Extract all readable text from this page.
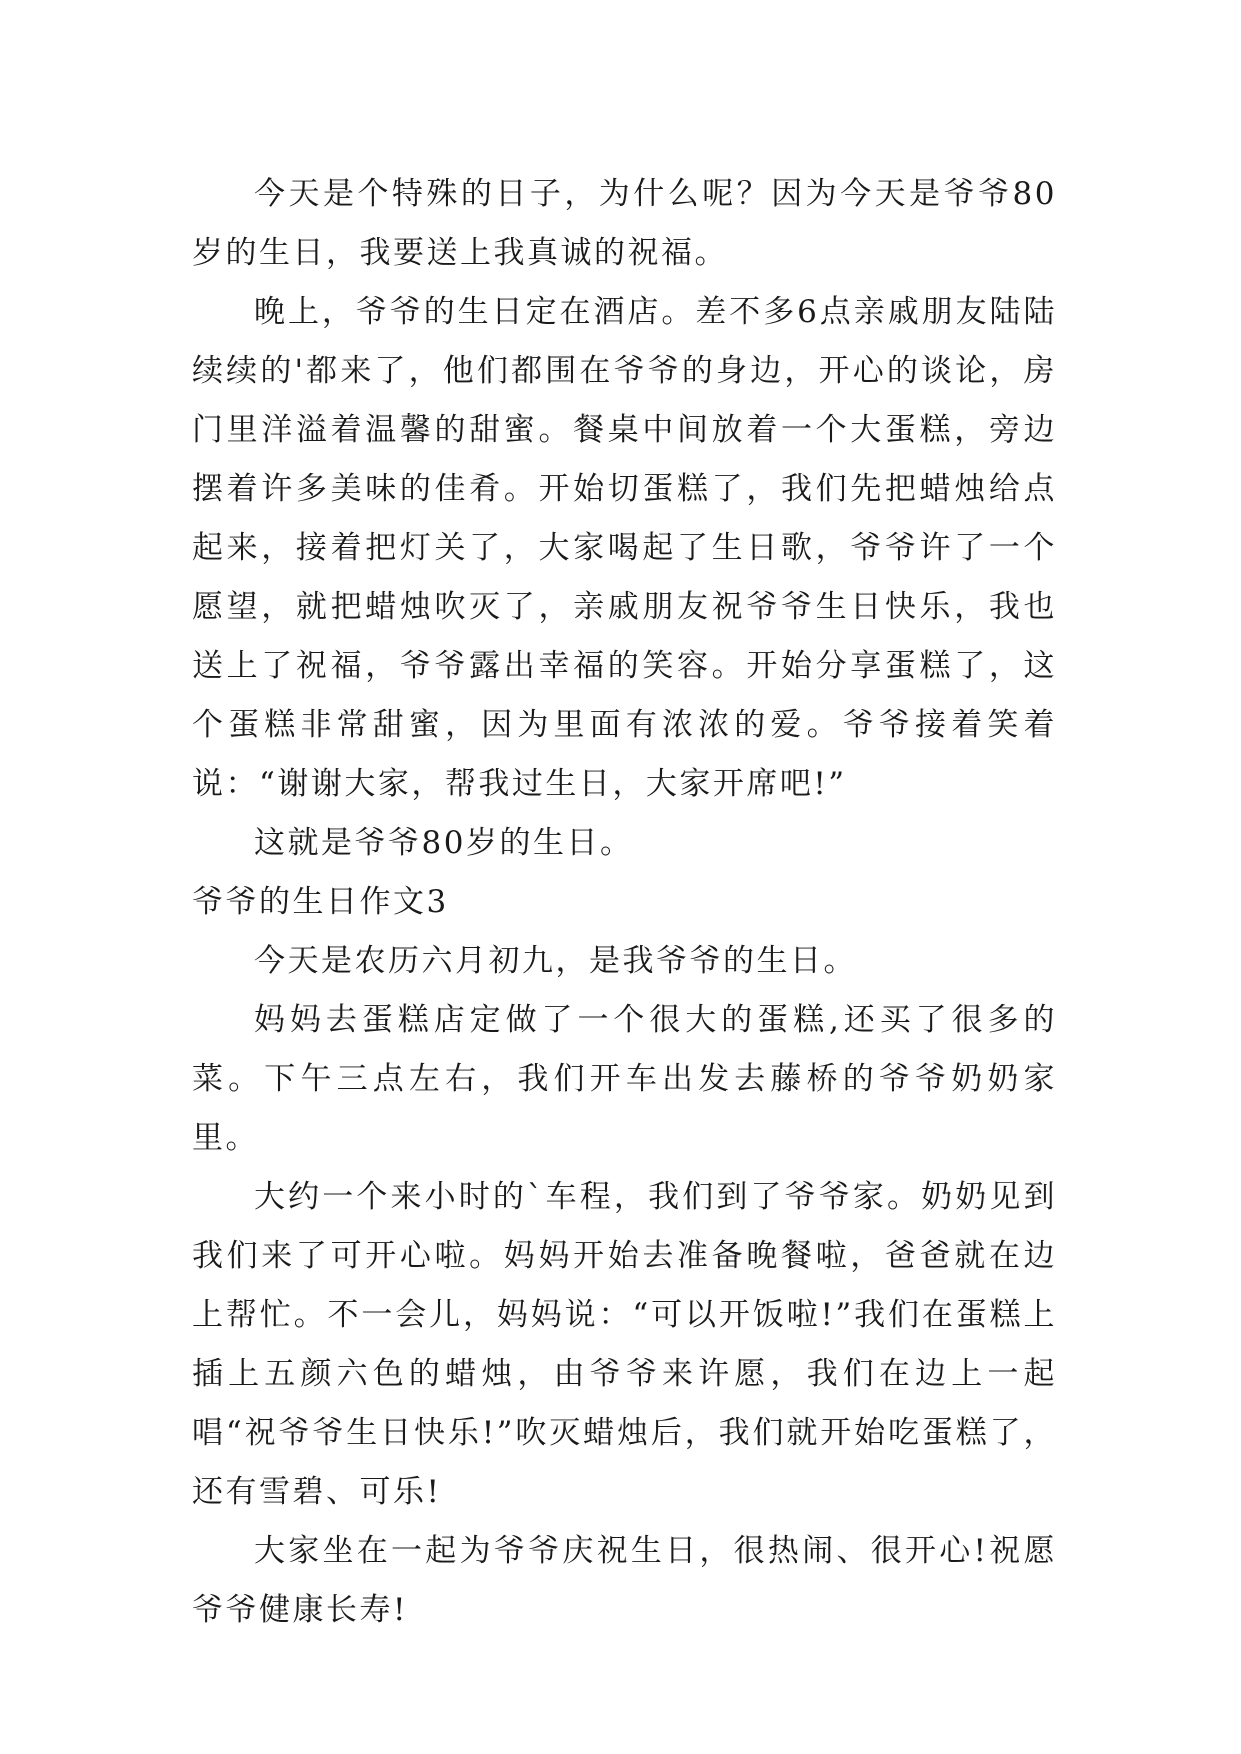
今天是个特殊的日子，为什么呢？因为今天是爷爷80岁的生日，我要送上我真诚的祝福。

晚上，爷爷的生日定在酒店。差不多6点亲戚朋友陆陆续续的'都来了，他们都围在爷爷的身边，开心的谈论，房门里洋溢着温馨的甜蜜。餐桌中间放着一个大蛋糕，旁边摆着许多美味的佳肴。开始切蛋糕了，我们先把蜡烛给点起来，接着把灯关了，大家喝起了生日歌，爷爷许了一个愿望，就把蜡烛吹灭了，亲戚朋友祝爷爷生日快乐，我也送上了祝福，爷爷露出幸福的笑容。开始分享蛋糕了，这个蛋糕非常甜蜜，因为里面有浓浓的爱。爷爷接着笑着说：“谢谢大家，帮我过生日，大家开席吧!”

这就是爷爷80岁的生日。

爷爷的生日作文3

今天是农历六月初九，是我爷爷的生日。

妈妈去蛋糕店定做了一个很大的蛋糕,还买了很多的菜。下午三点左右，我们开车出发去藤桥的爷爷奶奶家里。

大约一个来小时的`车程，我们到了爷爷家。奶奶见到我们来了可开心啦。妈妈开始去准备晚餐啦，爸爸就在边上帮忙。不一会儿，妈妈说：“可以开饭啦!”我们在蛋糕上插上五颜六色的蜡烛，由爷爷来许愿，我们在边上一起唱“祝爷爷生日快乐!”吹灭蜡烛后，我们就开始吃蛋糕了，还有雪碧、可乐!

大家坐在一起为爷爷庆祝生日，很热闹、很开心!祝愿爷爷健康长寿!
